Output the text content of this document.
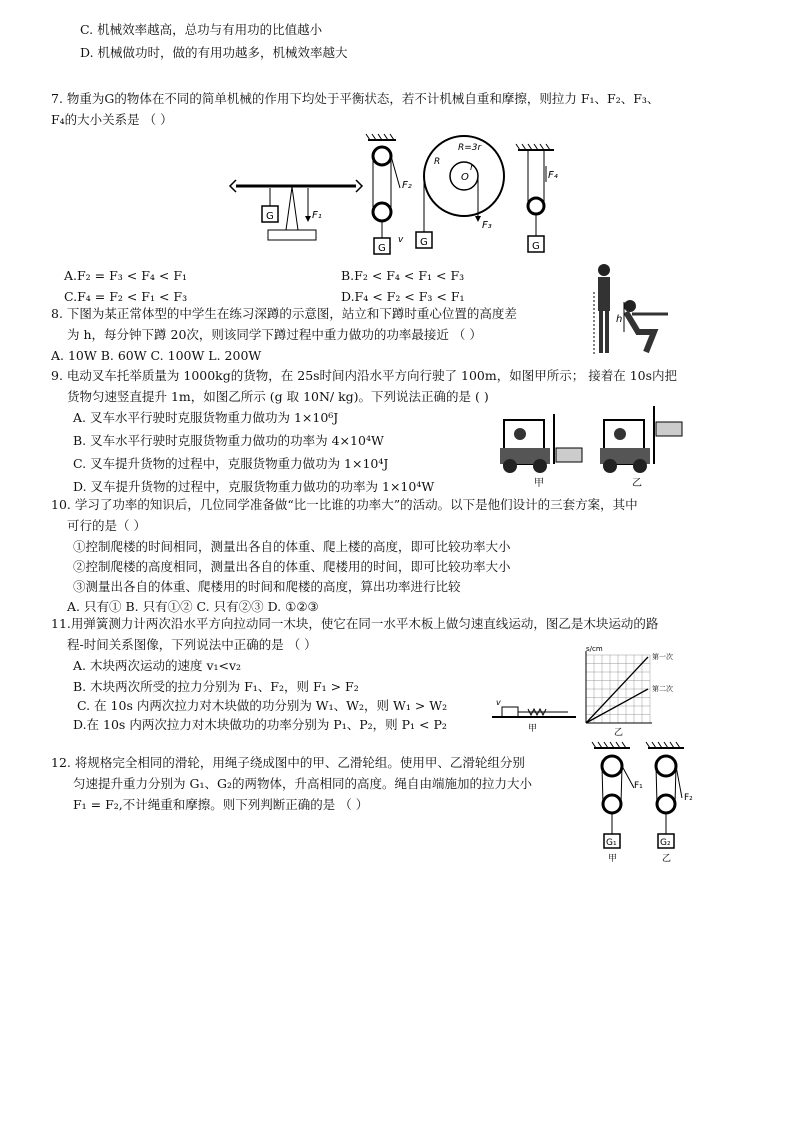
C. 机械效率越高，总功与有用功的比值越小
D. 机械做功时，做的有用功越多，机械效率越大
7. 物重为G的物体在不同的简单机械的作用下均处于平衡状态，若不计机械自重和摩擦，则拉力 F₁、F₂、F₃、
F₄的大小关系是 （ ）
G	F₁
F₂
G
v
O
R=3r
R
r
G
F₃
F₄
G
A.F₂ = F₃ < F₄ < F₁	B.F₂ < F₄ < F₁ < F₃
C.F₄ = F₂ < F₁ < F₃	D.F₄ < F₂ < F₃ < F₁
8. 下图为某正常体型的中学生在练习深蹲的示意图，站立和下蹲时重心位置的高度差
为 h，每分钟下蹲 20次，则该同学下蹲过程中重力做功的功率最接近 （ ）
A. 10W B. 60W C. 100W L. 200W
h
9. 电动叉车托举质量为 1000kg的货物，在 25s时间内沿水平方向行驶了 100m，如图甲所示； 接着在 10s内把
货物匀速竖直提升 1m，如图乙所示 (g 取 10N/ kg)。下列说法正确的是 ( )
A. 叉车水平行驶时克服货物重力做功为 1×10⁶J
B. 叉车水平行驶时克服货物重力做功的功率为 4×10⁴W
C. 叉车提升货物的过程中，克服货物重力做功为 1×10⁴J
D. 叉车提升货物的过程中，克服货物重力做功的功率为 1×10⁴W	甲	乙
10. 学习了功率的知识后，几位同学准备做“比一比谁的功率大”的活动。以下是他们设计的三套方案，其中
可行的是（ ）
①控制爬楼的时间相同，测量出各自的体重、爬上楼的高度，即可比较功率大小
②控制爬楼的高度相同，测量出各自的体重、爬楼用的时间，即可比较功率大小
③测量出各自的体重、爬楼用的时间和爬楼的高度，算出功率进行比较
A. 只有① B. 只有①② C. 只有②③ D. ①②③
11.用弹簧测力计两次沿水平方向拉动同一木块，使它在同一水平木板上做匀速直线运动，图乙是木块运动的路
程-时间关系图像，下列说法中正确的是 （ ）
A. 木块两次运动的速度 v₁<v₂
B. 木块两次所受的拉力分别为 F₁、F₂，则 F₁ > F₂
C. 在 10s 内两次拉力对木块做的功分别为 W₁、W₂，则 W₁ > W₂
D.在 10s 内两次拉力对木块做功的功率分别为 P₁、P₂，则 P₁ < P₂
v
甲
s/cm
第一次
第二次
乙
12. 将规格完全相同的滑轮，用绳子绕成图中的甲、乙滑轮组。使用甲、乙滑轮组分别
匀速提升重力分别为 G₁、G₂的两物体，升高相同的高度。绳自由端施加的拉力大小
F₁ = F₂,不计绳重和摩擦。则下列判断正确的是 （ ）
F₁
G₁
甲
F₂
G₂
乙
